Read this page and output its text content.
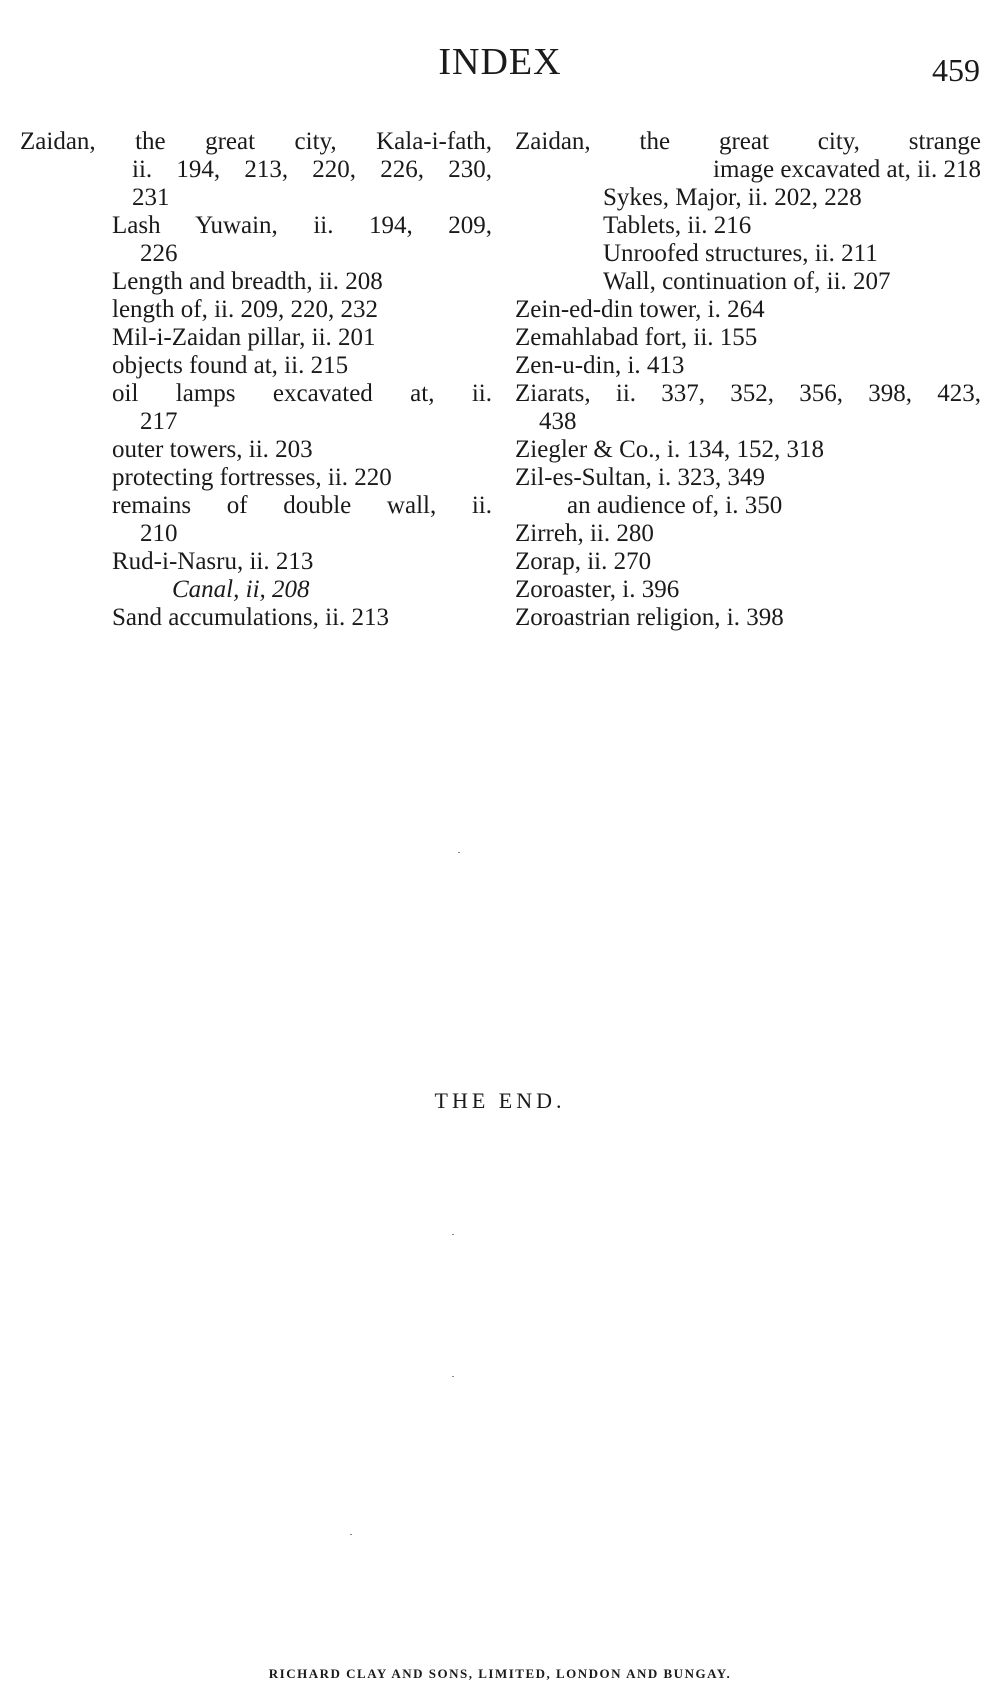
INDEX	459

Zaidan, the great city, Kala-i-fath,

ii. 194, 213, 220, 226, 230,

231

Lash Yuwain, ii. 194, 209,

226

Length and breadth, ii. 208

length of, ii. 209, 220, 232

Mil-i-Zaidan pillar, ii. 201

objects found at, ii. 215

oil lamps excavated at, ii.

217

outer towers, ii. 203

protecting fortresses, ii. 220

remains of double wall, ii.

210

Rud-i-Nasru, ii. 213

Canal, ii, 208

Sand accumulations, ii. 213

Zaidan, the great city, strange

image excavated at, ii. 218

Sykes, Major, ii. 202, 228

Tablets, ii. 216

Unroofed structures, ii. 211

Wall, continuation of, ii. 207

Zein-ed-din tower, i. 264

Zemahlabad fort, ii. 155

Zen-u-din, i. 413

Ziarats, ii. 337, 352, 356, 398, 423,

438

Ziegler & Co., i. 134, 152, 318

Zil-es-Sultan, i. 323, 349

an audience of, i. 350

Zirreh, ii. 280

Zorap, ii. 270

Zoroaster, i. 396

Zoroastrian religion, i. 398

THE END.
RICHARD CLAY AND SONS, LIMITED, LONDON AND BUNGAY.
